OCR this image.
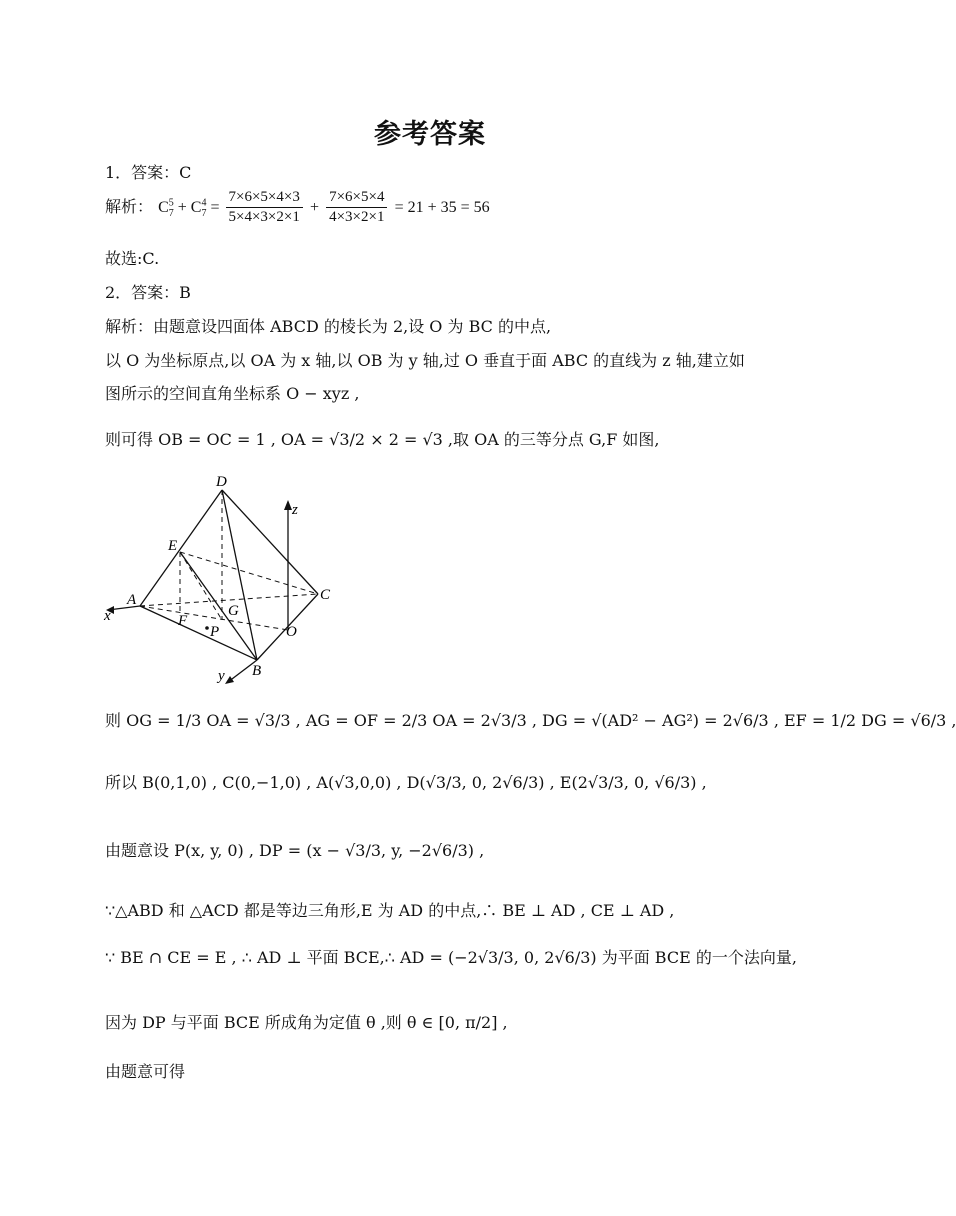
参考答案
1．答案：C
解析： $C^5_7 + C^4_7 = \frac{7\times 6\times 5\times 4\times 3}{5\times 4\times 3\times 2\times 1} + \frac{7\times 6\times 5\times 4}{4\times 3\times 2\times 1} = 21 + 35 = 56$
故选:C.
2．答案：B
解析：由题意设四面体 ABCD 的棱长为 2,设 O 为 BC 的中点,
以 O 为坐标原点,以 OA 为 x 轴,以 OB 为 y 轴,过 O 垂直于面 ABC 的直线为 z 轴,建立如
图所示的空间直角坐标系 O − xyz ,
则可得 OB = OC = 1 , OA = √3/2 × 2 = √3 ,取 OA 的三等分点 G,F 如图,
D
z
E
A
x
C
G
F
P	O
y B
则 OG = 1/3 OA = √3/3 , AG = OF = 2/3 OA = 2√3/3 , DG = √(AD² − AG²) = 2√6/3 , EF = 1/2 DG = √6/3 ,
所以 B(0,1,0) , C(0,−1,0) , A(√3,0,0) , D(√3/3, 0, 2√6/3) , E(2√3/3, 0, √6/3) ,
由题意设 P(x, y, 0) , DP = (x − √3/3, y, −2√6/3) ,
∵△ABD 和 △ACD 都是等边三角形,E 为 AD 的中点,∴ BE ⊥ AD , CE ⊥ AD ,
∵ BE ∩ CE = E , ∴ AD ⊥ 平面 BCE,∴ AD = (−2√3/3, 0, 2√6/3) 为平面 BCE 的一个法向量,
因为 DP 与平面 BCE 所成角为定值 θ ,则 θ ∈ [0, π/2] ,
由题意可得
